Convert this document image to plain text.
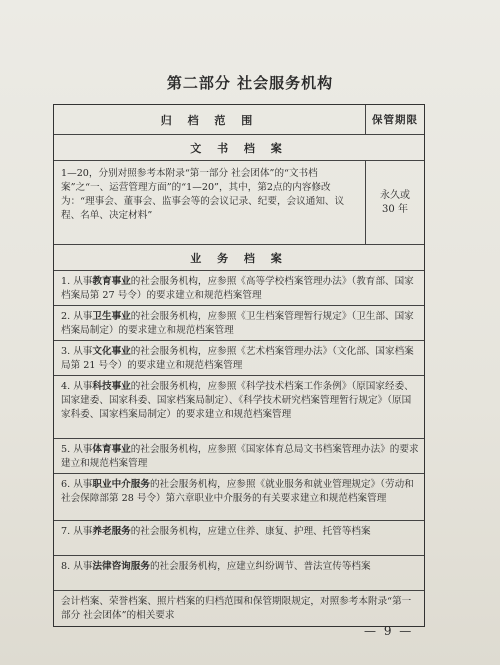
第二部分 社会服务机构
归 档 范 围	保管期限
文 书 档 案
1—20，分别对照参考本附录“第一部分 社会团体”的“文书档案”之“一、运营管理方面”的“1—20”，其中，第2点的内容修改为：“理事会、董事会、监事会等的会议记录、纪要，会议通知、议程、名单、决定材料”
永久或
30 年
业 务 档 案
1. 从事教育事业的社会服务机构，应参照《高等学校档案管理办法》（教育部、国家档案局第 27 号令）的要求建立和规范档案管理
2. 从事卫生事业的社会服务机构，应参照《卫生档案管理暂行规定》（卫生部、国家档案局制定）的要求建立和规范档案管理
3. 从事文化事业的社会服务机构，应参照《艺术档案管理办法》（文化部、国家档案局第 21 号令）的要求建立和规范档案管理
4. 从事科技事业的社会服务机构，应参照《科学技术档案工作条例》（原国家经委、国家建委、国家科委、国家档案局制定）、《科学技术研究档案管理暂行规定》（原国家科委、国家档案局制定）的要求建立和规范档案管理
5. 从事体育事业的社会服务机构，应参照《国家体育总局文书档案管理办法》的要求建立和规范档案管理
6. 从事职业中介服务的社会服务机构，应参照《就业服务和就业管理规定》（劳动和社会保障部第 28 号令）第六章职业中介服务的有关要求建立和规范档案管理
7. 从事养老服务的社会服务机构，应建立住养、康复、护理、托管等档案
8. 从事法律咨询服务的社会服务机构，应建立纠纷调节、普法宣传等档案
会计档案、荣誉档案、照片档案的归档范围和保管期限规定，对照参考本附录“第一部分 社会团体”的相关要求
— 9 —
